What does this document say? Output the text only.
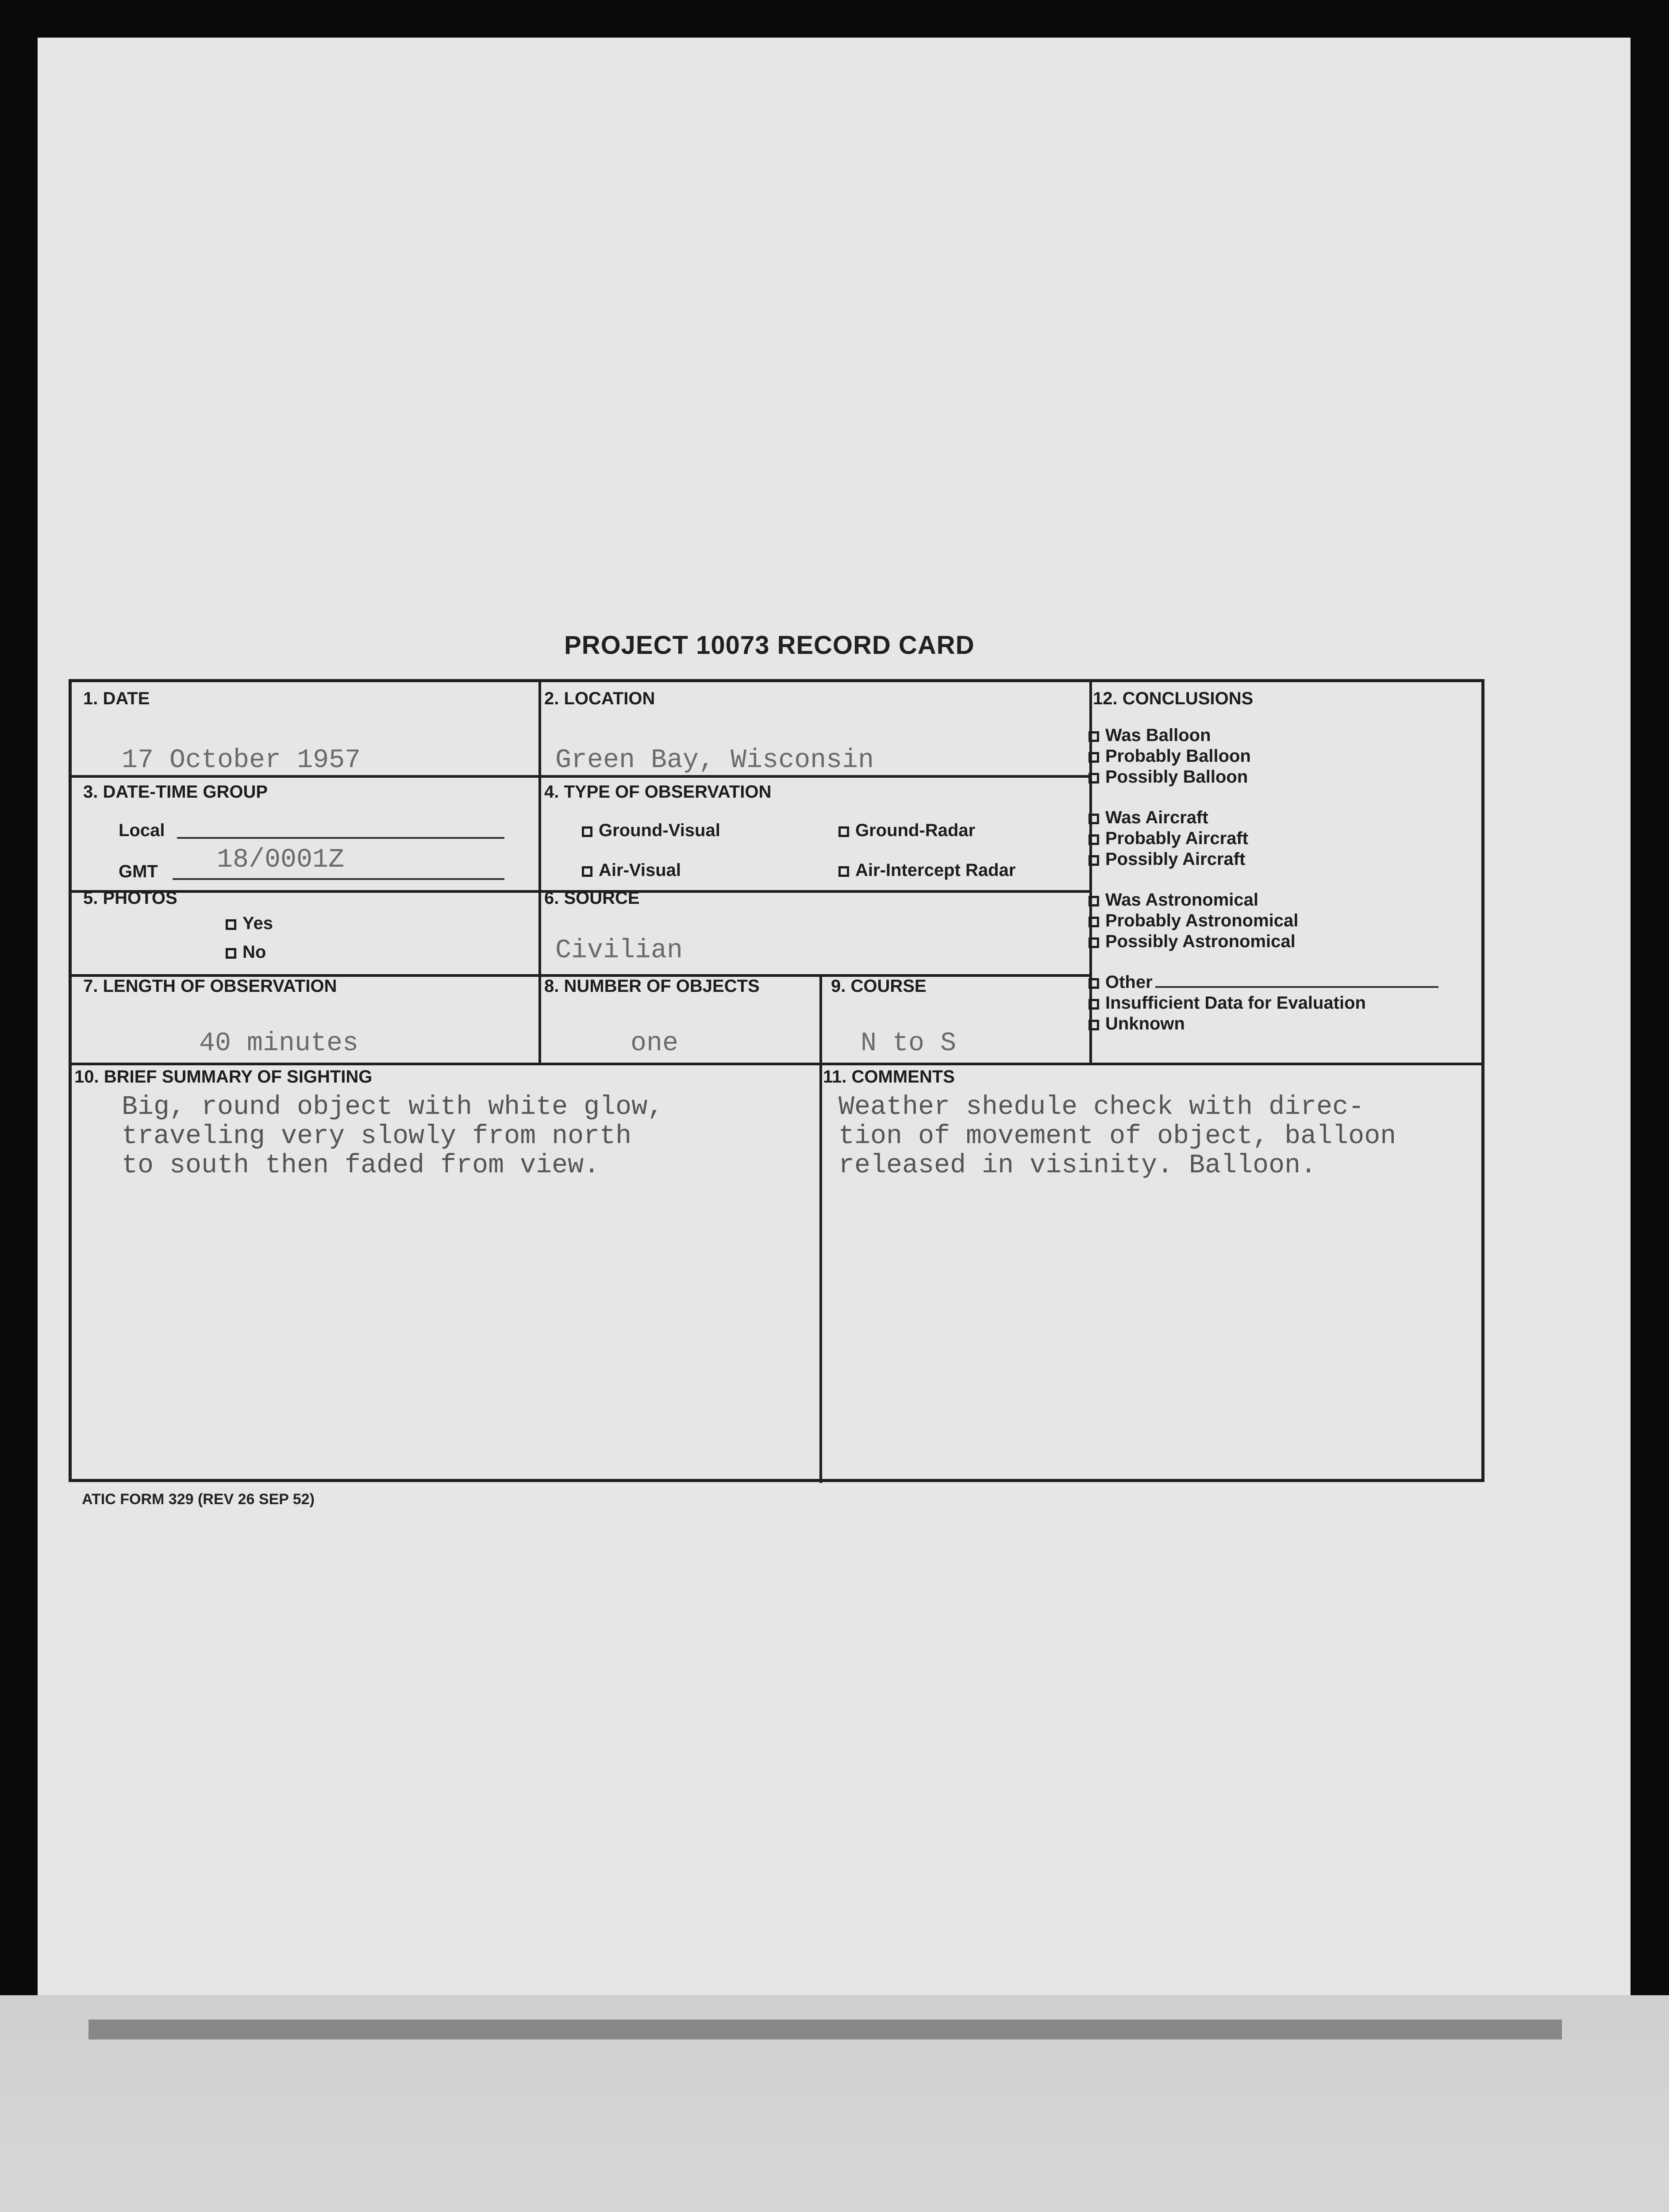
PROJECT 10073 RECORD CARD
1. DATE
17 October 1957
2. LOCATION
Green Bay, Wisconsin
3. DATE-TIME GROUP
Local
GMT 18/0001Z
4. TYPE OF OBSERVATION
Ground-Visual	Ground-Radar
Air-Visual	Air-Intercept Radar
5. PHOTOS
Yes
No
6. SOURCE
Civilian
7. LENGTH OF OBSERVATION
40 minutes
8. NUMBER OF OBJECTS
one
9. COURSE
N to S
10. BRIEF SUMMARY OF SIGHTING
Big, round object with white glow,
traveling very slowly from north
to south then faded from view.
11. COMMENTS
Weather shedule check with direc-
tion of movement of object, balloon
released in visinity. Balloon.
12. CONCLUSIONS
Was Balloon
Probably Balloon
Possibly Balloon
Was Aircraft
Probably Aircraft
Possibly Aircraft
Was Astronomical
Probably Astronomical
Possibly Astronomical
Other
Insufficient Data for Evaluation
Unknown
ATIC FORM 329 (REV 26 SEP 52)
